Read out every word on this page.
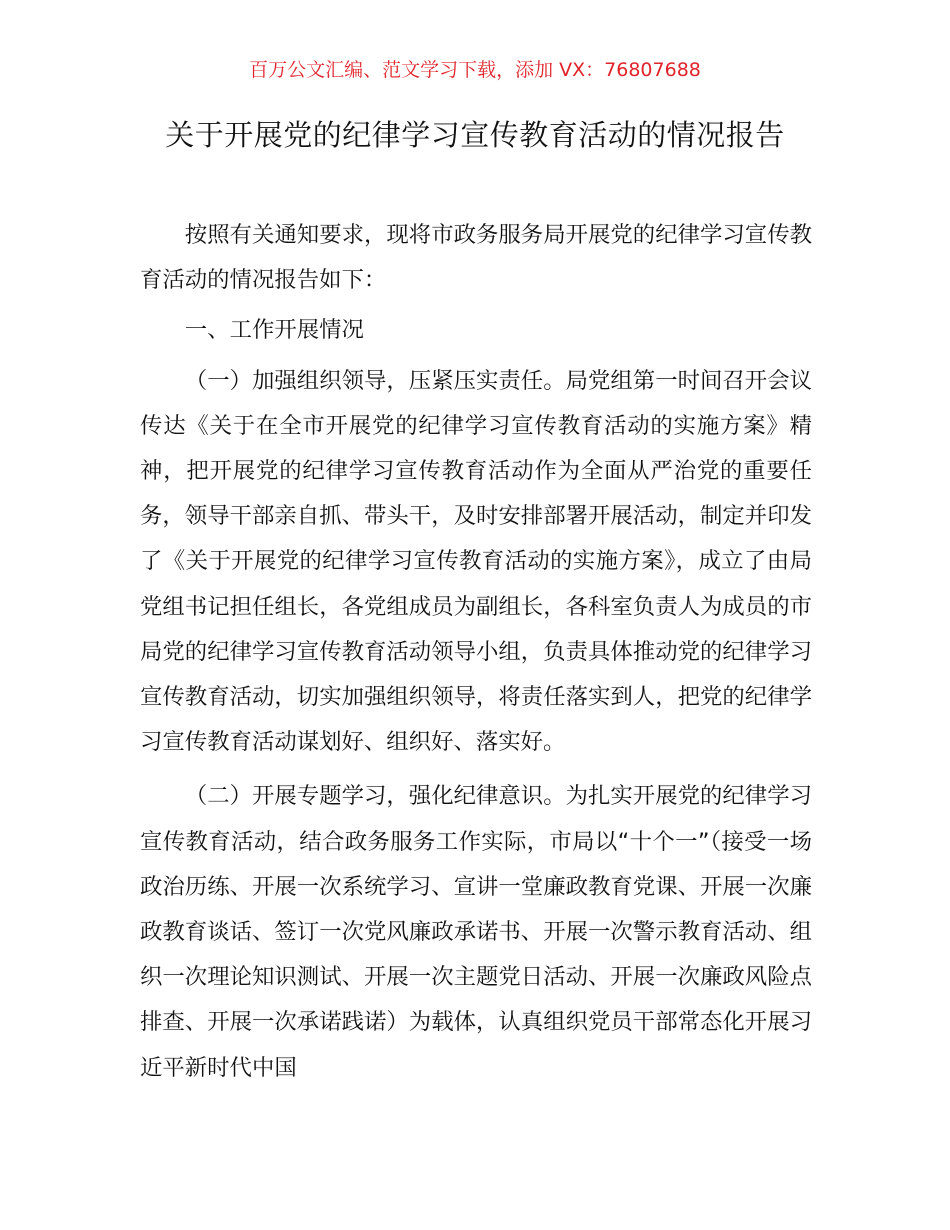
百万公文汇编、范文学习下载，添加 VX：76807688
关于开展党的纪律学习宣传教育活动的情况报告

按照有关通知要求，现将市政务服务局开展党的纪律学习宣传教育活动的情况报告如下：

一、工作开展情况

（一）加强组织领导，压紧压实责任。局党组第一时间召开会议传达《关于在全市开展党的纪律学习宣传教育活动的实施方案》精神，把开展党的纪律学习宣传教育活动作为全面从严治党的重要任务，领导干部亲自抓、带头干，及时安排部署开展活动，制定并印发了《关于开展党的纪律学习宣传教育活动的实施方案》，成立了由局党组书记担任组长，各党组成员为副组长，各科室负责人为成员的市局党的纪律学习宣传教育活动领导小组，负责具体推动党的纪律学习宣传教育活动，切实加强组织领导，将责任落实到人，把党的纪律学习宣传教育活动谋划好、组织好、落实好。

（二）开展专题学习，强化纪律意识。为扎实开展党的纪律学习宣传教育活动，结合政务服务工作实际，市局以“十个一”（接受一场政治历练、开展一次系统学习、宣讲一堂廉政教育党课、开展一次廉政教育谈话、签订一次党风廉政承诺书、开展一次警示教育活动、组织一次理论知识测试、开展一次主题党日活动、开展一次廉政风险点排查、开展一次承诺践诺）为载体，认真组织党员干部常态化开展习近平新时代中国
